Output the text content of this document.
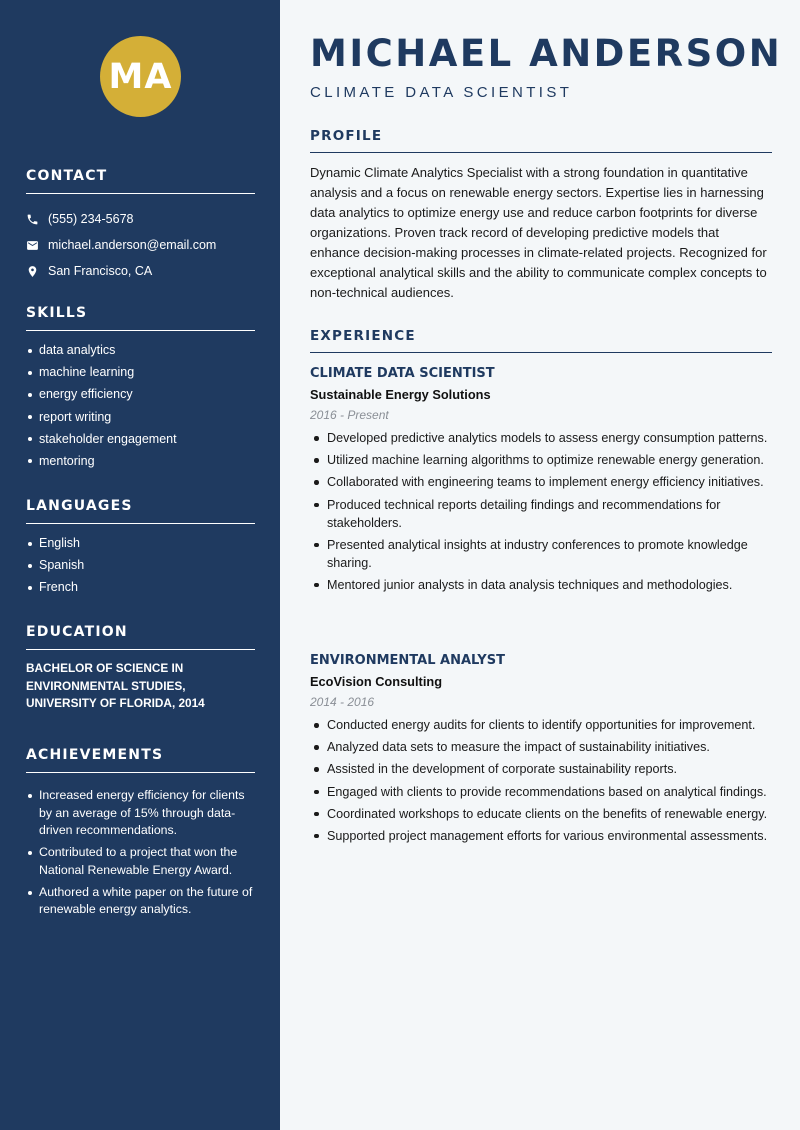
MA
CONTACT
(555) 234-5678
michael.anderson@email.com
San Francisco, CA
SKILLS
data analytics
machine learning
energy efficiency
report writing
stakeholder engagement
mentoring
LANGUAGES
English
Spanish
French
EDUCATION

BACHELOR OF SCIENCE IN ENVIRONMENTAL STUDIES, UNIVERSITY OF FLORIDA, 2014

ACHIEVEMENTS
Increased energy efficiency for clients by an average of 15% through data-driven recommendations.
Contributed to a project that won the National Renewable Energy Award.
Authored a white paper on the future of renewable energy analytics.
MICHAEL ANDERSON
CLIMATE DATA SCIENTIST
PROFILE

Dynamic Climate Analytics Specialist with a strong foundation in quantitative analysis and a focus on renewable energy sectors. Expertise lies in harnessing data analytics to optimize energy use and reduce carbon footprints for diverse organizations. Proven track record of developing predictive models that enhance decision-making processes in climate-related projects. Recognized for exceptional analytical skills and the ability to communicate complex concepts to non-technical audiences.

EXPERIENCE
CLIMATE DATA SCIENTIST
Sustainable Energy Solutions
2016 - Present
Developed predictive analytics models to assess energy consumption patterns.
Utilized machine learning algorithms to optimize renewable energy generation.
Collaborated with engineering teams to implement energy efficiency initiatives.
Produced technical reports detailing findings and recommendations for stakeholders.
Presented analytical insights at industry conferences to promote knowledge sharing.
Mentored junior analysts in data analysis techniques and methodologies.
ENVIRONMENTAL ANALYST
EcoVision Consulting
2014 - 2016
Conducted energy audits for clients to identify opportunities for improvement.
Analyzed data sets to measure the impact of sustainability initiatives.
Assisted in the development of corporate sustainability reports.
Engaged with clients to provide recommendations based on analytical findings.
Coordinated workshops to educate clients on the benefits of renewable energy.
Supported project management efforts for various environmental assessments.
